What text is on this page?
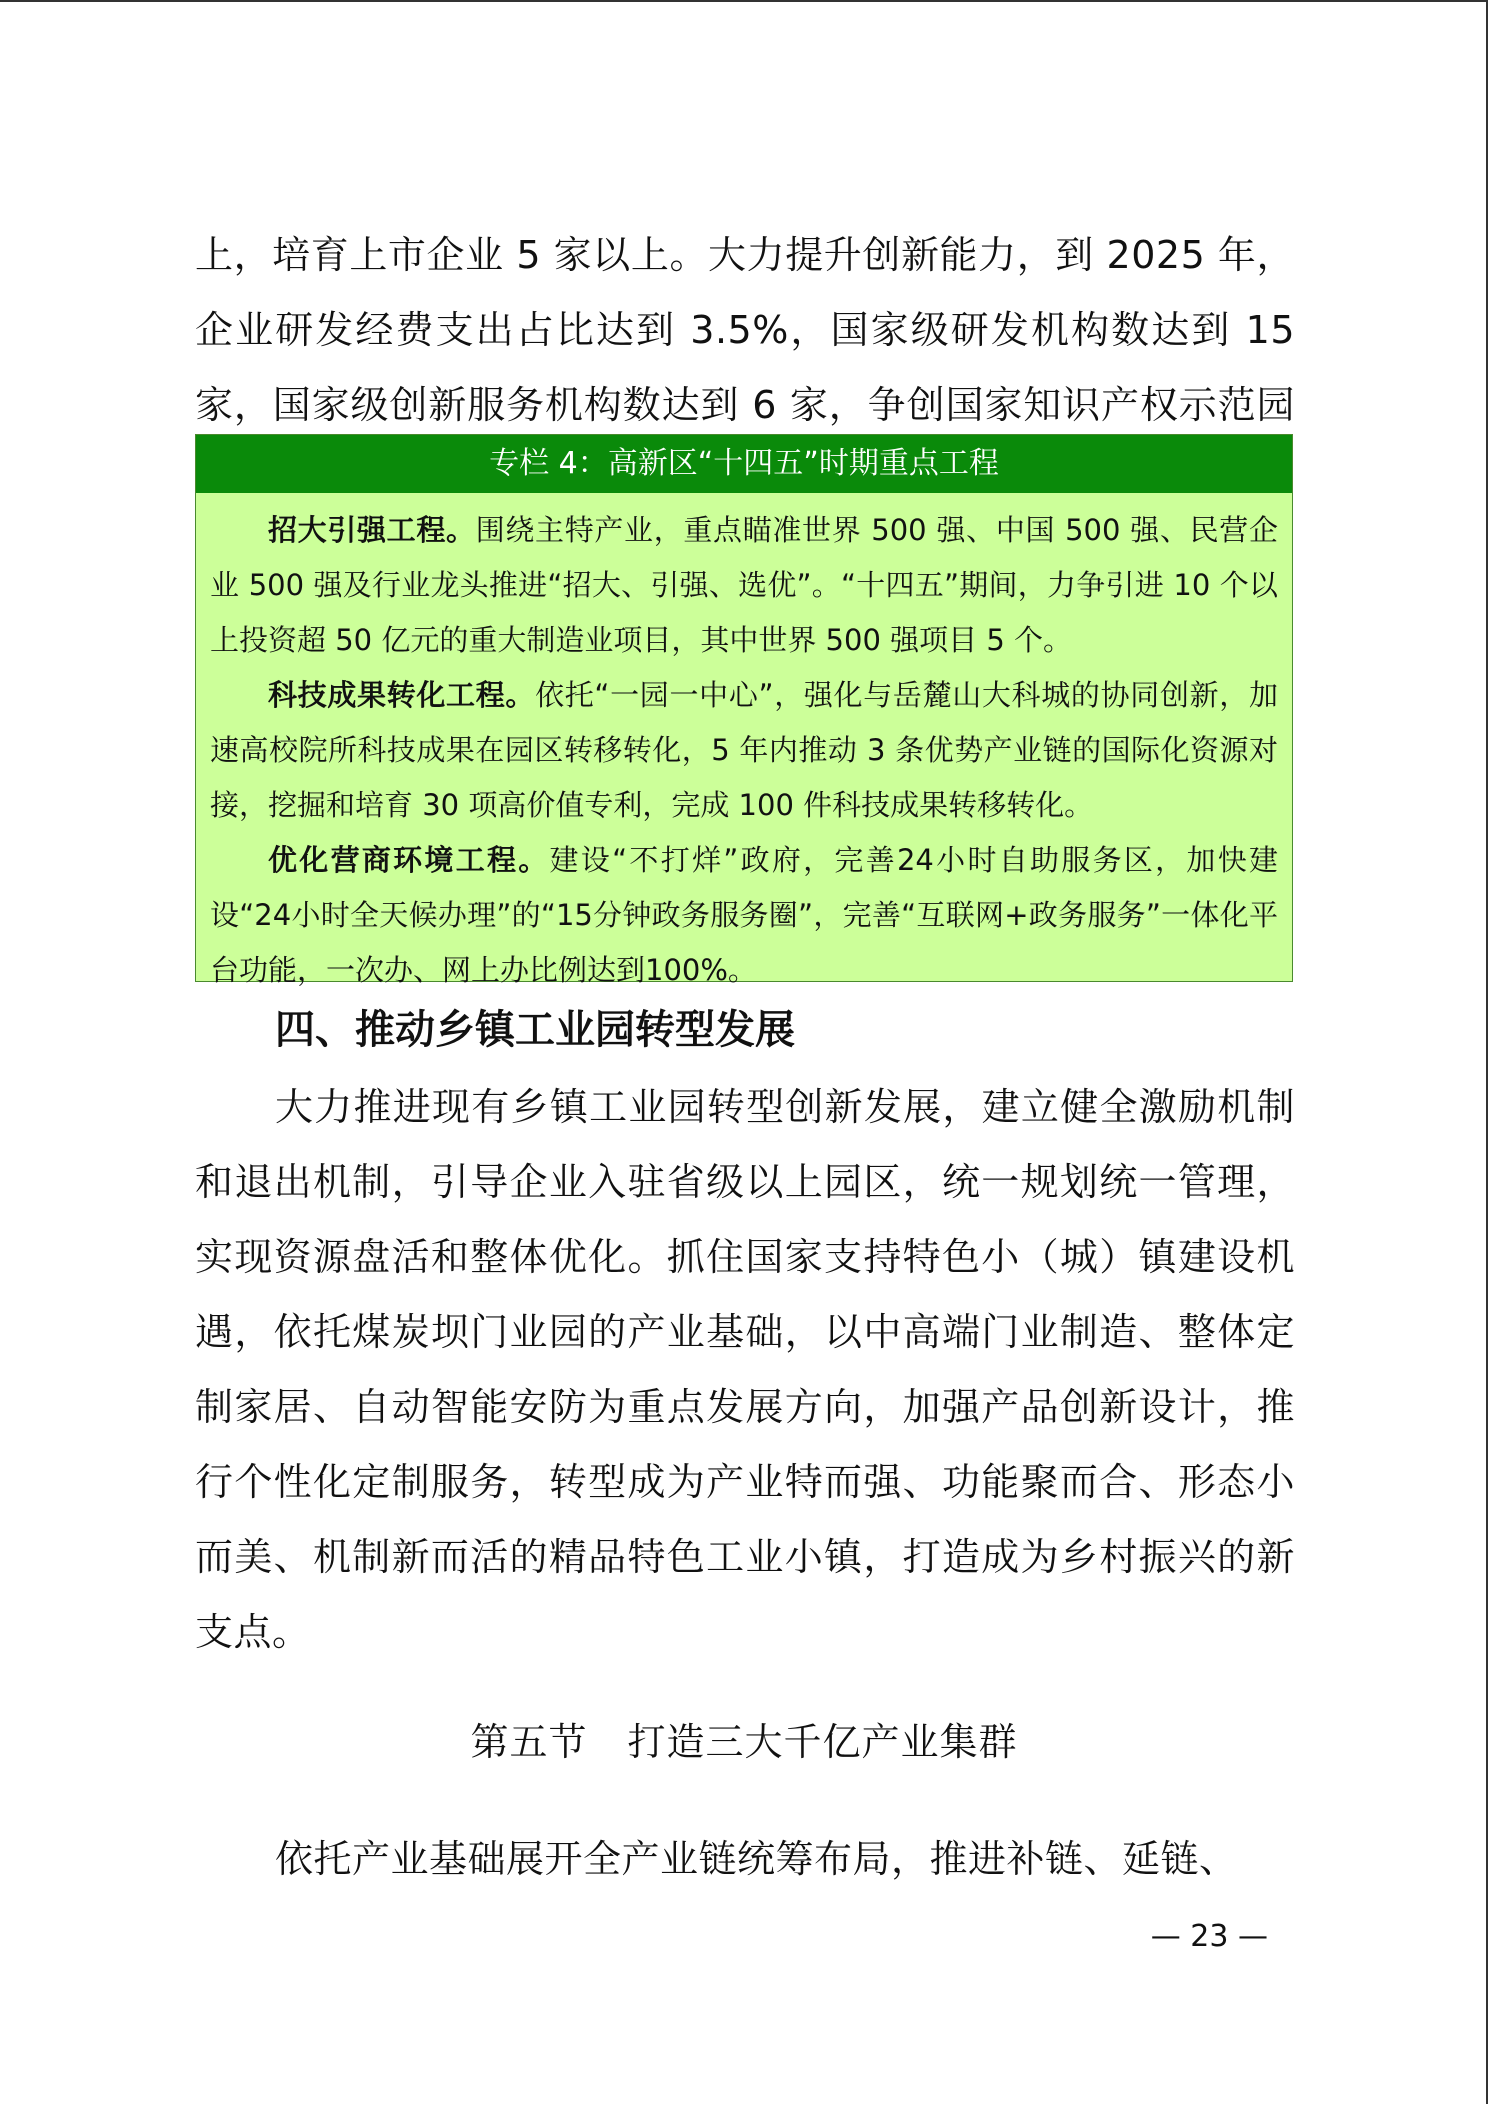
上，培育上市企业 5 家以上。大力提升创新能力，到 2025 年，企业研发经费支出占比达到 3.5%，国家级研发机构数达到 15 家，国家级创新服务机构数达到 6 家，争创国家知识产权示范园

专栏 4：高新区“十四五”时期重点工程

招大引强工程。围绕主特产业，重点瞄准世界 500 强、中国 500 强、民营企业 500 强及行业龙头推进“招大、引强、选优”。“十四五”期间，力争引进 10 个以上投资超 50 亿元的重大制造业项目，其中世界 500 强项目 5 个。

科技成果转化工程。依托“一园一中心”，强化与岳麓山大科城的协同创新，加速高校院所科技成果在园区转移转化，5 年内推动 3 条优势产业链的国际化资源对接，挖掘和培育 30 项高价值专利，完成 100 件科技成果转移转化。

优化营商环境工程。建设“不打烊”政府，完善24小时自助服务区，加快建设“24小时全天候办理”的“15分钟政务服务圈”，完善“互联网+政务服务”一体化平台功能，一次办、网上办比例达到100%。

四、推动乡镇工业园转型发展

大力推进现有乡镇工业园转型创新发展，建立健全激励机制和退出机制，引导企业入驻省级以上园区，统一规划统一管理，实现资源盘活和整体优化。抓住国家支持特色小（城）镇建设机遇，依托煤炭坝门业园的产业基础，以中高端门业制造、整体定制家居、自动智能安防为重点发展方向，加强产品创新设计，推行个性化定制服务，转型成为产业特而强、功能聚而合、形态小而美、机制新而活的精品特色工业小镇，打造成为乡村振兴的新支点。

第五节 打造三大千亿产业集群

依托产业基础展开全产业链统筹布局，推进补链、延链、

— 23 —
